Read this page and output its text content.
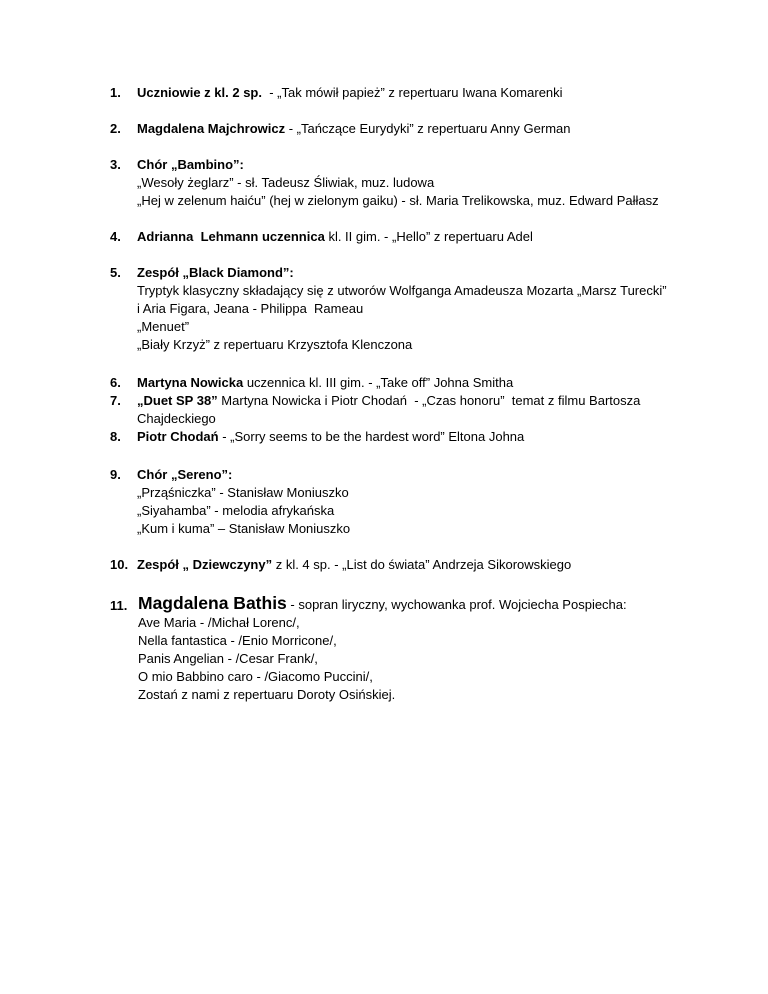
1.	Uczniowie z kl. 2 sp.  - „Tak mówił papież” z repertuaru Iwana Komarenki
2.	Magdalena Majchrowicz - „Tańczące Eurydyki” z repertuaru Anny German
3.	Chór „Bambino”:
„Wesoły żeglarz” - sł. Tadeusz Śliwiak, muz. ludowa
„Hej w zelenum haiću” (hej w zielonym gaiku) - sł. Maria Trelikowska, muz. Edward Pałłasz
4.	Adrianna  Lehmann uczennica kl. II gim. - „Hello” z repertuaru Adel
5.	Zespół „Black Diamond”:
Tryptyk klasyczny składający się z utworów Wolfganga Amadeusza Mozarta „Marsz Turecki”
i Aria Figara, Jeana - Philippa  Rameau
„Menuet”
„Biały Krzyż” z repertuaru Krzysztofa Klenczona
6.	Martyna Nowicka uczennica kl. III gim. - „Take off” Johna Smitha
7.	„Duet SP 38” Martyna Nowicka i Piotr Chodań  - „Czas honoru”  temat z filmu Bartosza
Chajdeckiego
8.	Piotr Chodań - „Sorry seems to be the hardest word” Eltona Johna
9.	Chór „Sereno”:
„Prząśniczka” - Stanisław Moniuszko
„Siyahamba” - melodia afrykańska
„Kum i kuma” – Stanisław Moniuszko
10. Zespół „ Dziewczyny” z kl. 4 sp. - „List do świata” Andrzeja Sikorowskiego
11. Magdalena Bathis - sopran liryczny, wychowanka prof. Wojciecha Pospiecha:
Ave Maria - /Michał Lorenc/,
Nella fantastica - /Enio Morricone/,
Panis Angelian - /Cesar Frank/,
O mio Babbino caro - /Giacomo Puccini/,
Zostań z nami z repertuaru Doroty Osińskiej.
